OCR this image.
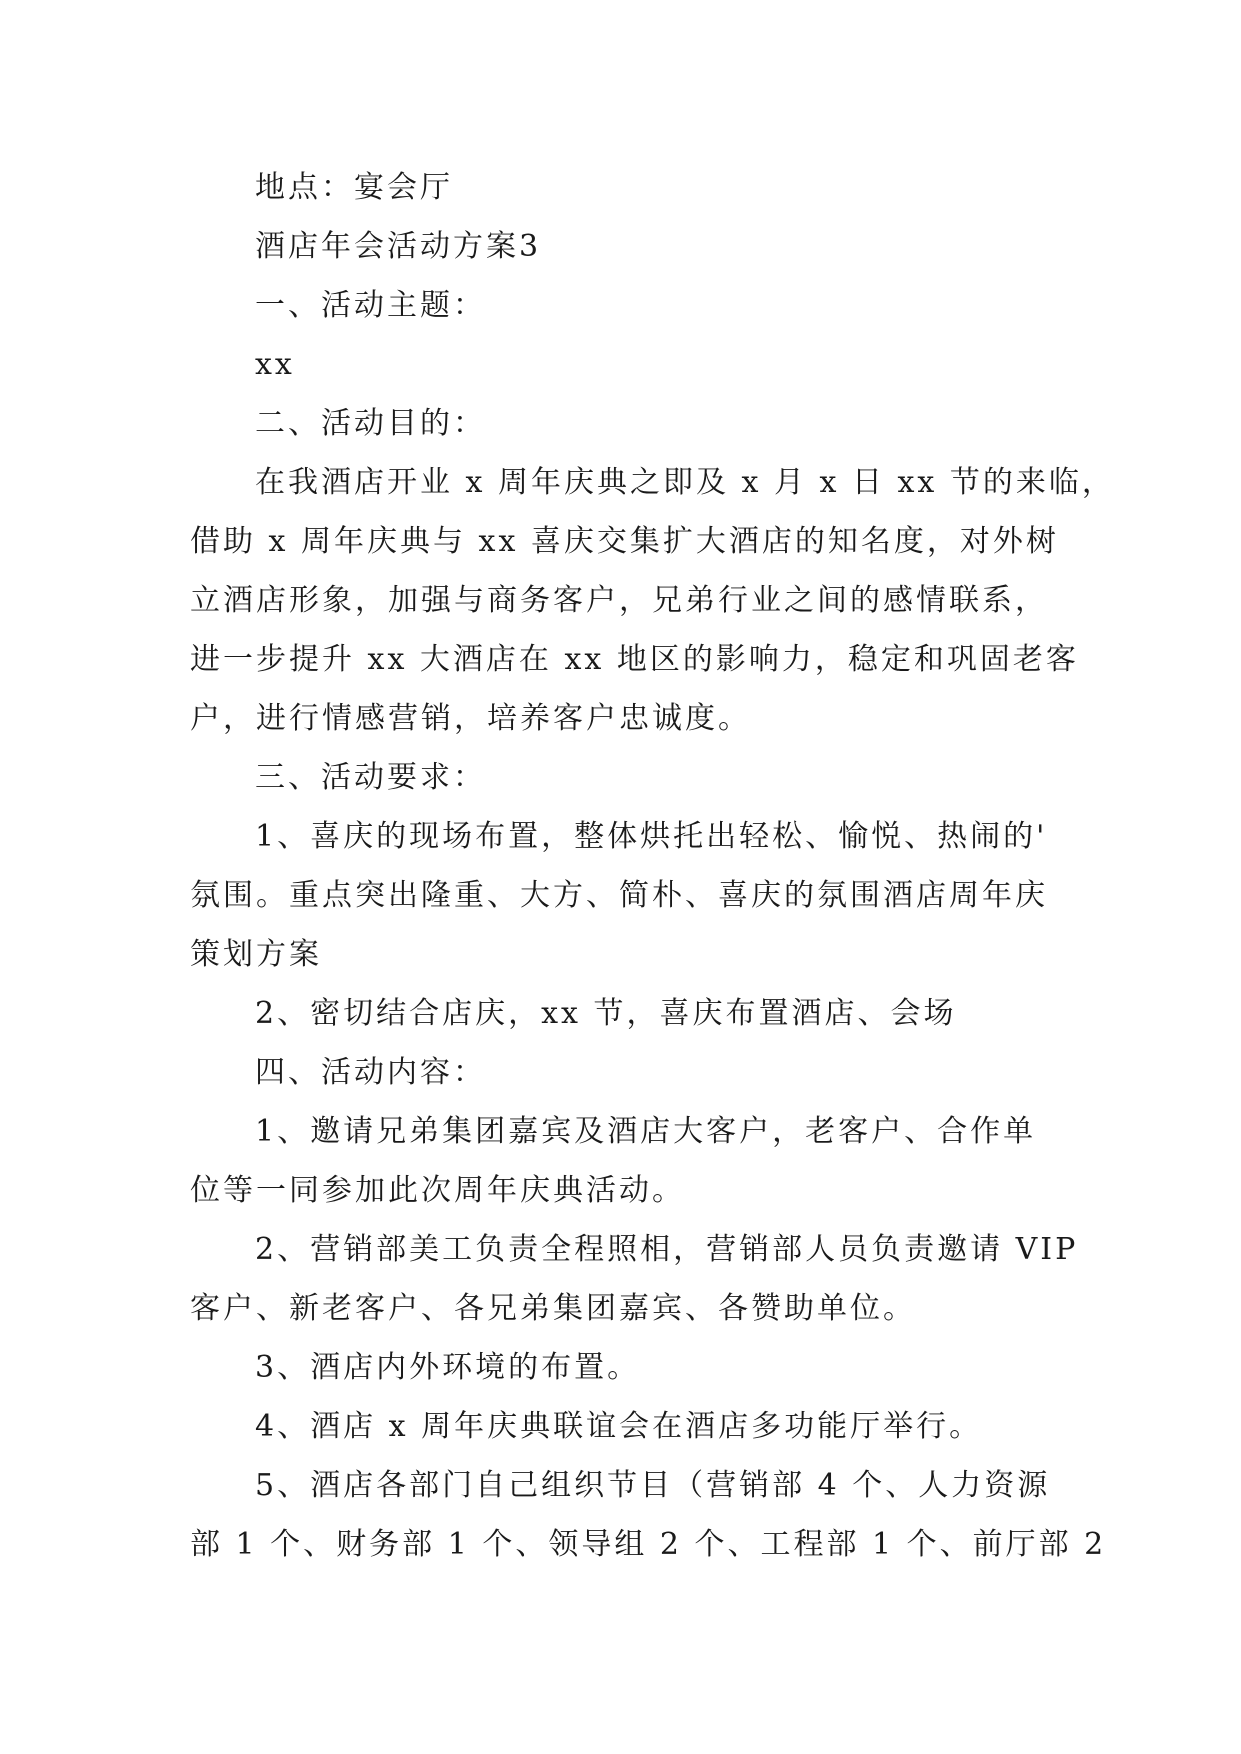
地点：宴会厅
酒店年会活动方案3
一、活动主题：
xx
二、活动目的：
在我酒店开业 x 周年庆典之即及 x 月 x 日 xx 节的来临，
借助 x 周年庆典与 xx 喜庆交集扩大酒店的知名度，对外树
立酒店形象，加强与商务客户，兄弟行业之间的感情联系，
进一步提升 xx 大酒店在 xx 地区的影响力，稳定和巩固老客
户，进行情感营销，培养客户忠诚度。
三、活动要求：
1、喜庆的现场布置，整体烘托出轻松、愉悦、热闹的'
氛围。重点突出隆重、大方、简朴、喜庆的氛围酒店周年庆
策划方案
2、密切结合店庆，xx 节，喜庆布置酒店、会场
四、活动内容：
1、邀请兄弟集团嘉宾及酒店大客户，老客户、合作单
位等一同参加此次周年庆典活动。
2、营销部美工负责全程照相，营销部人员负责邀请 VIP
客户、新老客户、各兄弟集团嘉宾、各赞助单位。
3、酒店内外环境的布置。
4、酒店 x 周年庆典联谊会在酒店多功能厅举行。
5、酒店各部门自己组织节目（营销部 4 个、人力资源
部 1 个、财务部 1 个、领导组 2 个、工程部 1 个、前厅部 2
